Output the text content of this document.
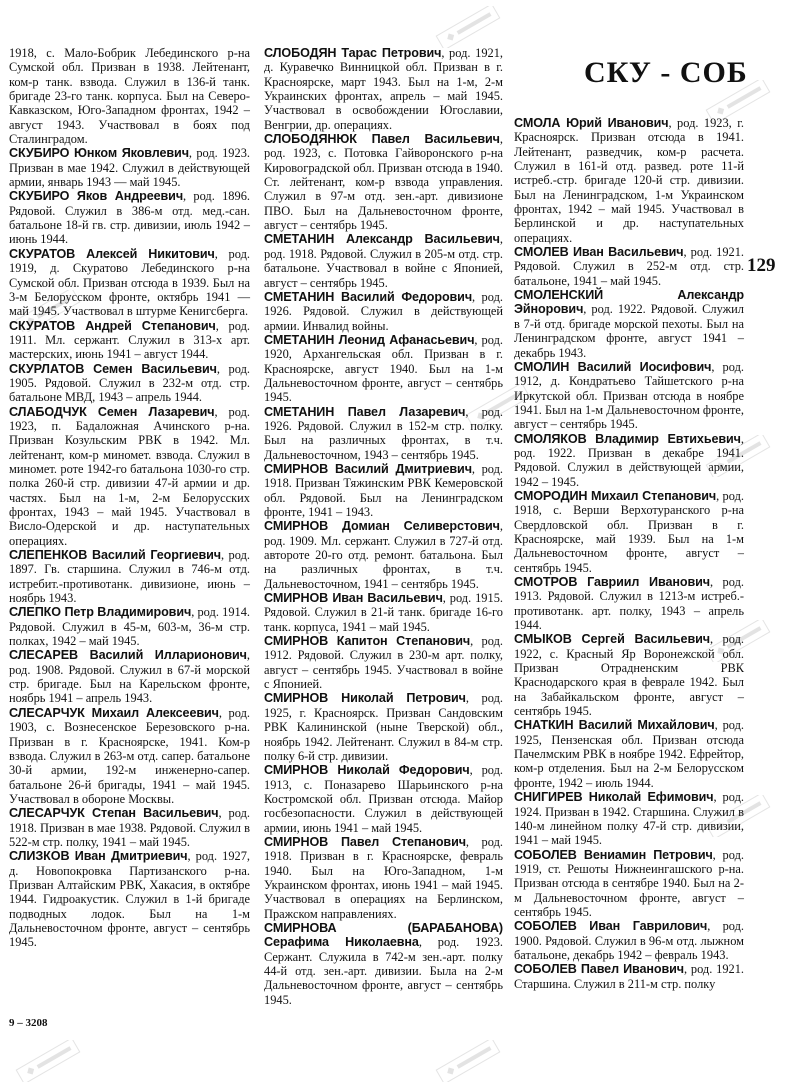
СКУ - СОБ
129

1918, с. Мало-Бобрик Лебединского р-на Сумской обл. Призван в 1938. Лейтенант, ком-р танк. взвода. Служил в 136-й танк. бригаде 23-го танк. корпуса. Был на Северо-Кавказском, Юго-Западном фронтах, 1942 – август 1943. Участвовал в боях под Сталинградом.

СКУБИРО Юнком Яковлевич, род. 1923. Призван в мае 1942. Служил в действующей армии, январь 1943 — май 1945.

СКУБИРО Яков Андреевич, род. 1896. Рядовой. Служил в 386-м отд. мед.-сан. батальоне 18-й гв. стр. дивизии, июль 1942 – июнь 1944.

СКУРАТОВ Алексей Никитович, род. 1919, д. Скуратово Лебединского р-на Сумской обл. Призван отсюда в 1939. Был на 3-м Белорусском фронте, октябрь 1941 — май 1945. Участвовал в штурме Кенигсберга.

СКУРАТОВ Андрей Степанович, род. 1911. Мл. сержант. Служил в 313-х арт. мастерских, июнь 1941 – август 1944.

СКУРЛАТОВ Семен Васильевич, род. 1905. Рядовой. Служил в 232-м отд. стр. батальоне МВД, 1943 – апрель 1944.

СЛАБОДЧУК Семен Лазаревич, род. 1923, п. Бадаложная Ачинского р-на. Призван Козульским РВК в 1942. Мл. лейтенант, ком-р миномет. взвода. Служил в миномет. роте 1942-го батальона 1030-го стр. полка 260-й стр. дивизии 47-й армии и др. частях. Был на 1-м, 2-м Белорусских фронтах, 1943 – май 1945. Участвовал в Висло-Одерской и др. наступательных операциях.

СЛЕПЕНКОВ Василий Георгиевич, род. 1897. Гв. старшина. Служил в 746-м отд. истребит.-противотанк. дивизионе, июнь – ноябрь 1943.

СЛЕПКО Петр Владимирович, род. 1914. Рядовой. Служил в 45-м, 603-м, 36-м стр. полках, 1942 – май 1945.

СЛЕСАРЕВ Василий Илларионович, род. 1908. Рядовой. Служил в 67-й морской стр. бригаде. Был на Карельском фронте, ноябрь 1941 – апрель 1943.

СЛЕСАРЧУК Михаил Алексеевич, род. 1903, с. Вознесенское Березовского р-на. Призван в г. Красноярске, 1941. Ком-р взвода. Служил в 263-м отд. сапер. батальоне 30-й армии, 192-м инженерно-сапер. батальоне 26-й бригады, 1941 – май 1945. Участвовал в обороне Москвы.

СЛЕСАРЧУК Степан Васильевич, род. 1918. Призван в мае 1938. Рядовой. Служил в 522-м стр. полку, 1941 – май 1945.

СЛИЗКОВ Иван Дмитриевич, род. 1927, д. Новопокровка Партизанского р-на. Призван Алтайским РВК, Хакасия, в октябре 1944. Гидроакустик. Служил в 1-й бригаде подводных лодок. Был на 1-м Дальневосточном фронте, август – сентябрь 1945.

СЛОБОДЯН Тарас Петрович, род. 1921, д. Куравечко Винницкой обл. Призван в г. Красноярске, март 1943. Был на 1-м, 2-м Украинских фронтах, апрель – май 1945. Участвовал в освобождении Югославии, Венгрии, др. операциях.

СЛОБОДЯНЮК Павел Васильевич, род. 1923, с. Потовка Гайворонского р-на Кировоградской обл. Призван отсюда в 1940. Ст. лейтенант, ком-р взвода управления. Служил в 97-м отд. зен.-арт. дивизионе ПВО. Был на Дальневосточном фронте, август – сентябрь 1945.

СМЕТАНИН Александр Васильевич, род. 1918. Рядовой. Служил в 205-м отд. стр. батальоне. Участвовал в войне с Японией, август – сентябрь 1945.

СМЕТАНИН Василий Федорович, род. 1926. Рядовой. Служил в действующей армии. Инвалид войны.

СМЕТАНИН Леонид Афанасьевич, род. 1920, Архангельская обл. Призван в г. Красноярске, август 1940. Был на 1-м Дальневосточном фронте, август – сентябрь 1945.

СМЕТАНИН Павел Лазаревич, род. 1926. Рядовой. Служил в 152-м стр. полку. Был на различных фронтах, в т.ч. Дальневосточном, 1943 – сентябрь 1945.

СМИРНОВ Василий Дмитриевич, род. 1918. Призван Тяжинским РВК Кемеровской обл. Рядовой. Был на Ленинградском фронте, 1941 – 1943.

СМИРНОВ Домиан Селиверстович, род. 1909. Мл. сержант. Служил в 727-й отд. автороте 20-го отд. ремонт. батальона. Был на различных фронтах, в т.ч. Дальневосточном, 1941 – сентябрь 1945.

СМИРНОВ Иван Васильевич, род. 1915. Рядовой. Служил в 21-й танк. бригаде 16-го танк. корпуса, 1941 – май 1945.

СМИРНОВ Капитон Степанович, род. 1912. Рядовой. Служил в 230-м арт. полку, август – сентябрь 1945. Участвовал в войне с Японией.

СМИРНОВ Николай Петрович, род. 1925, г. Красноярск. Призван Сандовским РВК Калининской (ныне Тверской) обл., ноябрь 1942. Лейтенант. Служил в 84-м стр. полку 6-й стр. дивизии.

СМИРНОВ Николай Федорович, род. 1913, с. Поназарево Шарьинского р-на Костромской обл. Призван отсюда. Майор госбезопасности. Служил в действующей армии, июнь 1941 – май 1945.

СМИРНОВ Павел Степанович, род. 1918. Призван в г. Красноярске, февраль 1940. Был на Юго-Западном, 1-м Украинском фронтах, июнь 1941 – май 1945. Участвовал в операциях на Берлинском, Пражском направлениях.

СМИРНОВА (БАРАБАНОВА) Серафима Николаевна, род. 1923. Сержант. Служила в 742-м зен.-арт. полку 44-й отд. зен.-арт. дивизии. Была на 2-м Дальневосточном фронте, август – сентябрь 1945.

СМОЛА Юрий Иванович, род. 1923, г. Красноярск. Призван отсюда в 1941. Лейтенант, разведчик, ком-р расчета. Служил в 161-й отд. развед. роте 11-й истреб.-стр. бригаде 120-й стр. дивизии. Был на Ленинградском, 1-м Украинском фронтах, 1942 – май 1945. Участвовал в Берлинской и др. наступательных операциях.

СМОЛЕВ Иван Васильевич, род. 1921. Рядовой. Служил в 252-м отд. стр. батальоне, 1941 – май 1945.

СМОЛЕНСКИЙ Александр Эйнорович, род. 1922. Рядовой. Служил в 7-й отд. бригаде морской пехоты. Был на Ленинградском фронте, август 1941 – декабрь 1943.

СМОЛИН Василий Иосифович, род. 1912, д. Кондратьево Тайшетского р-на Иркутской обл. Призван отсюда в ноябре 1941. Был на 1-м Дальневосточном фронте, август – сентябрь 1945.

СМОЛЯКОВ Владимир Евтихьевич, род. 1922. Призван в декабре 1941. Рядовой. Служил в действующей армии, 1942 – 1945.

СМОРОДИН Михаил Степанович, род. 1918, с. Верши Верхотуранского р-на Свердловской обл. Призван в г. Красноярске, май 1939. Был на 1-м Дальневосточном фронте, август – сентябрь 1945.

СМОТРОВ Гавриил Иванович, род. 1913. Рядовой. Служил в 1213-м истреб.-противотанк. арт. полку, 1943 – апрель 1944.

СМЫКОВ Сергей Васильевич, род. 1922, с. Красный Яр Воронежской обл. Призван Отрадненским РВК Краснодарского края в феврале 1942. Был на Забайкальском фронте, август – сентябрь 1945.

СНАТКИН Василий Михайлович, род. 1925, Пензенская обл. Призван отсюда Пачелмским РВК в ноябре 1942. Ефрейтор, ком-р отделения. Был на 2-м Белорусском фронте, 1942 – июль 1944.

СНИГИРЕВ Николай Ефимович, род. 1924. Призван в 1942. Старшина. Служил в 140-м линейном полку 47-й стр. дивизии, 1941 – май 1945.

СОБОЛЕВ Вениамин Петрович, род. 1919, ст. Решоты Нижнеингашского р-на. Призван отсюда в сентябре 1940. Был на 2-м Дальневосточном фронте, август – сентябрь 1945.

СОБОЛЕВ Иван Гаврилович, род. 1900. Рядовой. Служил в 96-м отд. лыжном батальоне, декабрь 1942 – февраль 1943.

СОБОЛЕВ Павел Иванович, род. 1921. Старшина. Служил в 211-м стр. полку

9 – 3208
